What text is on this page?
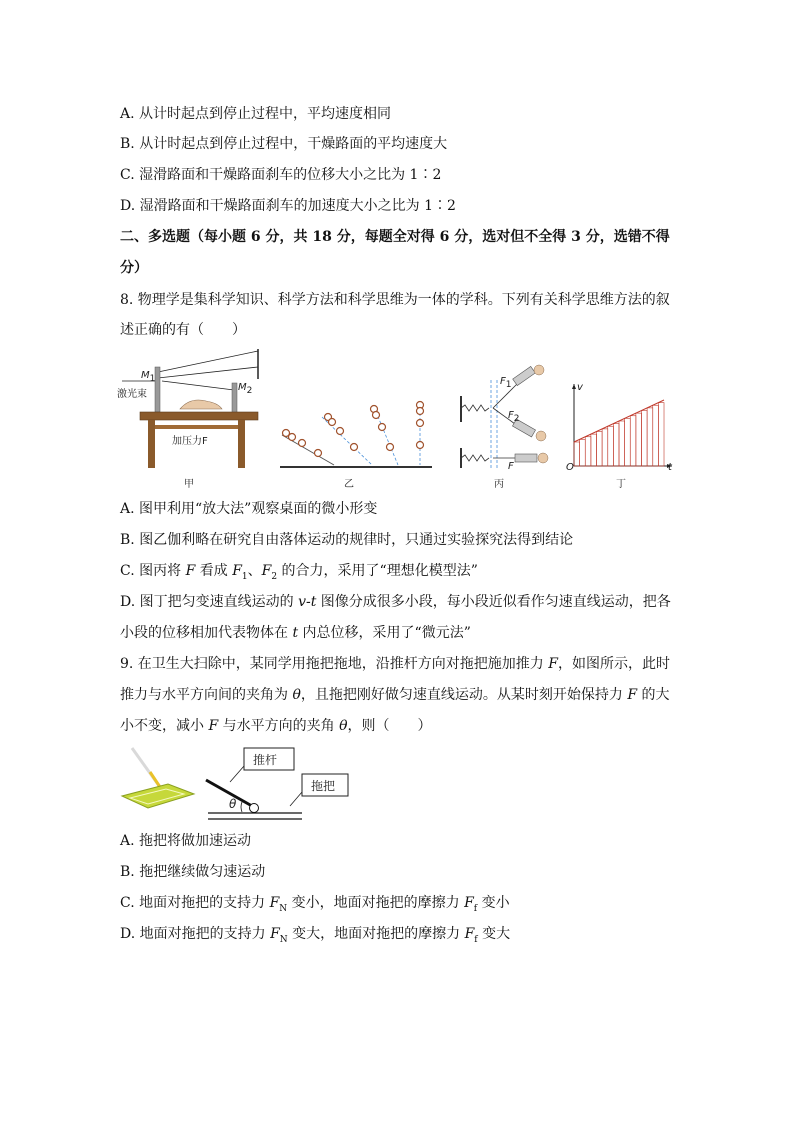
A. 从计时起点到停止过程中，平均速度相同
B. 从计时起点到停止过程中，干燥路面的平均速度大
C. 湿滑路面和干燥路面刹车的位移大小之比为 1∶2
D. 湿滑路面和干燥路面刹车的加速度大小之比为 1∶2
二、多选题（每小题 6 分，共 18 分，每题全对得 6 分，选对但不全得 3 分，选错不得
分）
8. 物理学是集科学知识、科学方法和科学思维为一体的学科。下列有关科学思维方法的叙
述正确的有（　　）
$M_1$
$M_2$
激光束
加压力F
甲	乙
$F_1$
$F_2$
F
丙
v
t
O
丁
A. 图甲利用“放大法”观察桌面的微小形变
B. 图乙伽利略在研究自由落体运动的规律时，只通过实验探究法得到结论
C. 图丙将 F 看成 $F_1$、$F_2$ 的合力，采用了“理想化模型法”
D. 图丁把匀变速直线运动的 v-t 图像分成很多小段，每小段近似看作匀速直线运动，把各
小段的位移相加代表物体在 t 内总位移，采用了“微元法”
9. 在卫生大扫除中，某同学用拖把拖地，沿推杆方向对拖把施加推力 F，如图所示，此时
推力与水平方向间的夹角为 θ，且拖把刚好做匀速直线运动。从某时刻开始保持力 F 的大
小不变，减小 F 与水平方向的夹角 θ，则（　　）
推杆
拖把
θ
A. 拖把将做加速运动
B. 拖把继续做匀速运动
C. 地面对拖把的支持力 $F_N$ 变小，地面对拖把的摩擦力 $F_f$ 变小
D. 地面对拖把的支持力 $F_N$ 变大，地面对拖把的摩擦力 $F_f$ 变大
